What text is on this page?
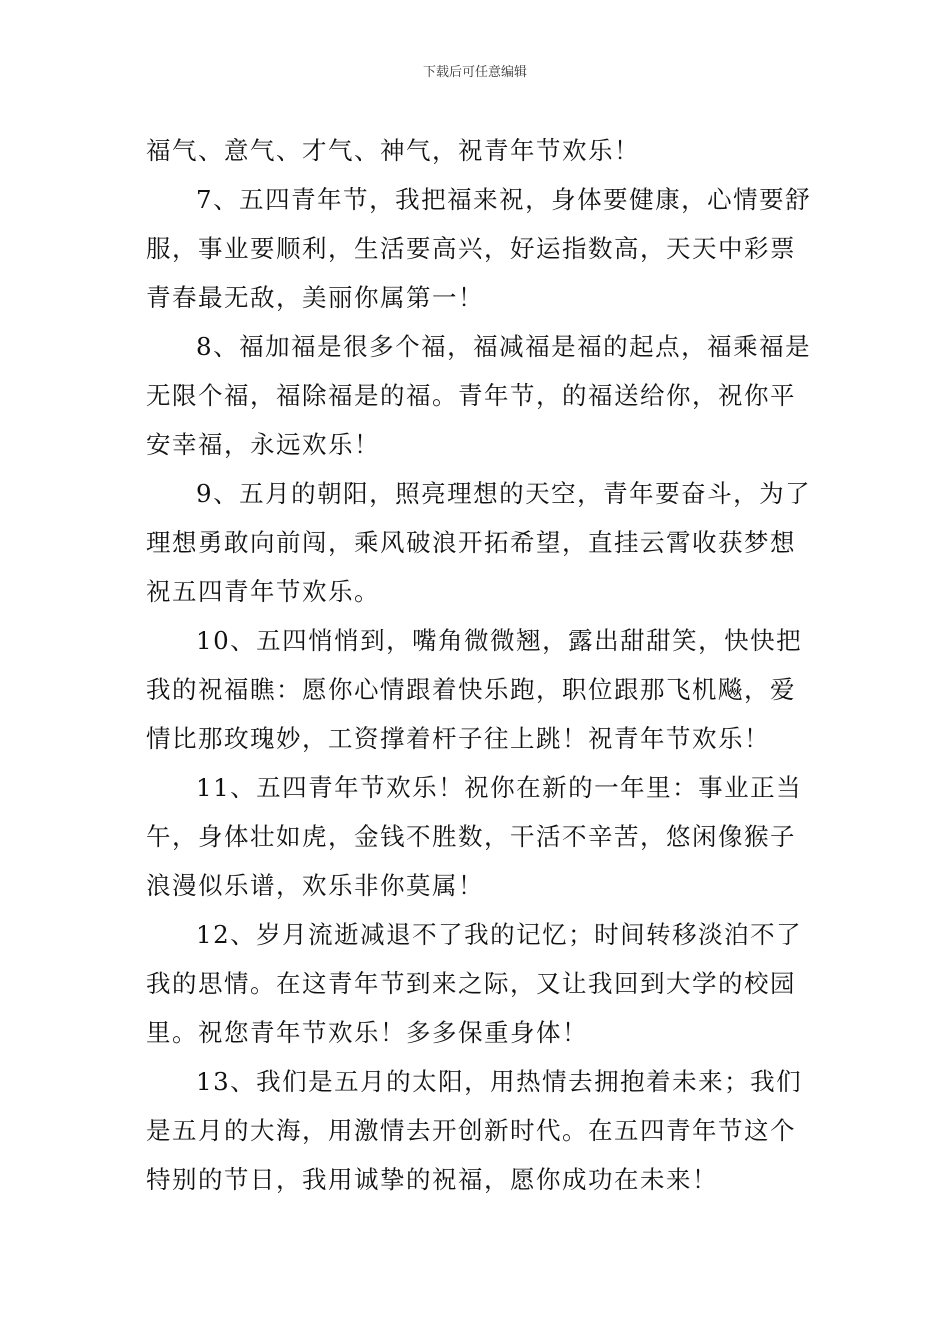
下载后可任意编辑

福气、意气、才气、神气，祝青年节欢乐！

7、五四青年节，我把福来祝，身体要健康，心情要舒
服，事业要顺利，生活要高兴，好运指数高，天天中彩票
青春最无敌，美丽你属第一！

8、福加福是很多个福，福减福是福的起点，福乘福是
无限个福，福除福是的福。青年节，的福送给你，祝你平
安幸福，永远欢乐！

9、五月的朝阳，照亮理想的天空，青年要奋斗，为了
理想勇敢向前闯，乘风破浪开拓希望，直挂云霄收获梦想
祝五四青年节欢乐。

10、五四悄悄到，嘴角微微翘，露出甜甜笑，快快把
我的祝福瞧：愿你心情跟着快乐跑，职位跟那飞机飚，爱
情比那玫瑰妙，工资撑着杆子往上跳！祝青年节欢乐！

11、五四青年节欢乐！祝你在新的一年里：事业正当
午，身体壮如虎，金钱不胜数，干活不辛苦，悠闲像猴子
浪漫似乐谱，欢乐非你莫属！

12、岁月流逝减退不了我的记忆；时间转移淡泊不了
我的思情。在这青年节到来之际，又让我回到大学的校园
里。祝您青年节欢乐！多多保重身体！

13、我们是五月的太阳，用热情去拥抱着未来；我们
是五月的大海，用激情去开创新时代。在五四青年节这个
特别的节日，我用诚挚的祝福，愿你成功在未来！
